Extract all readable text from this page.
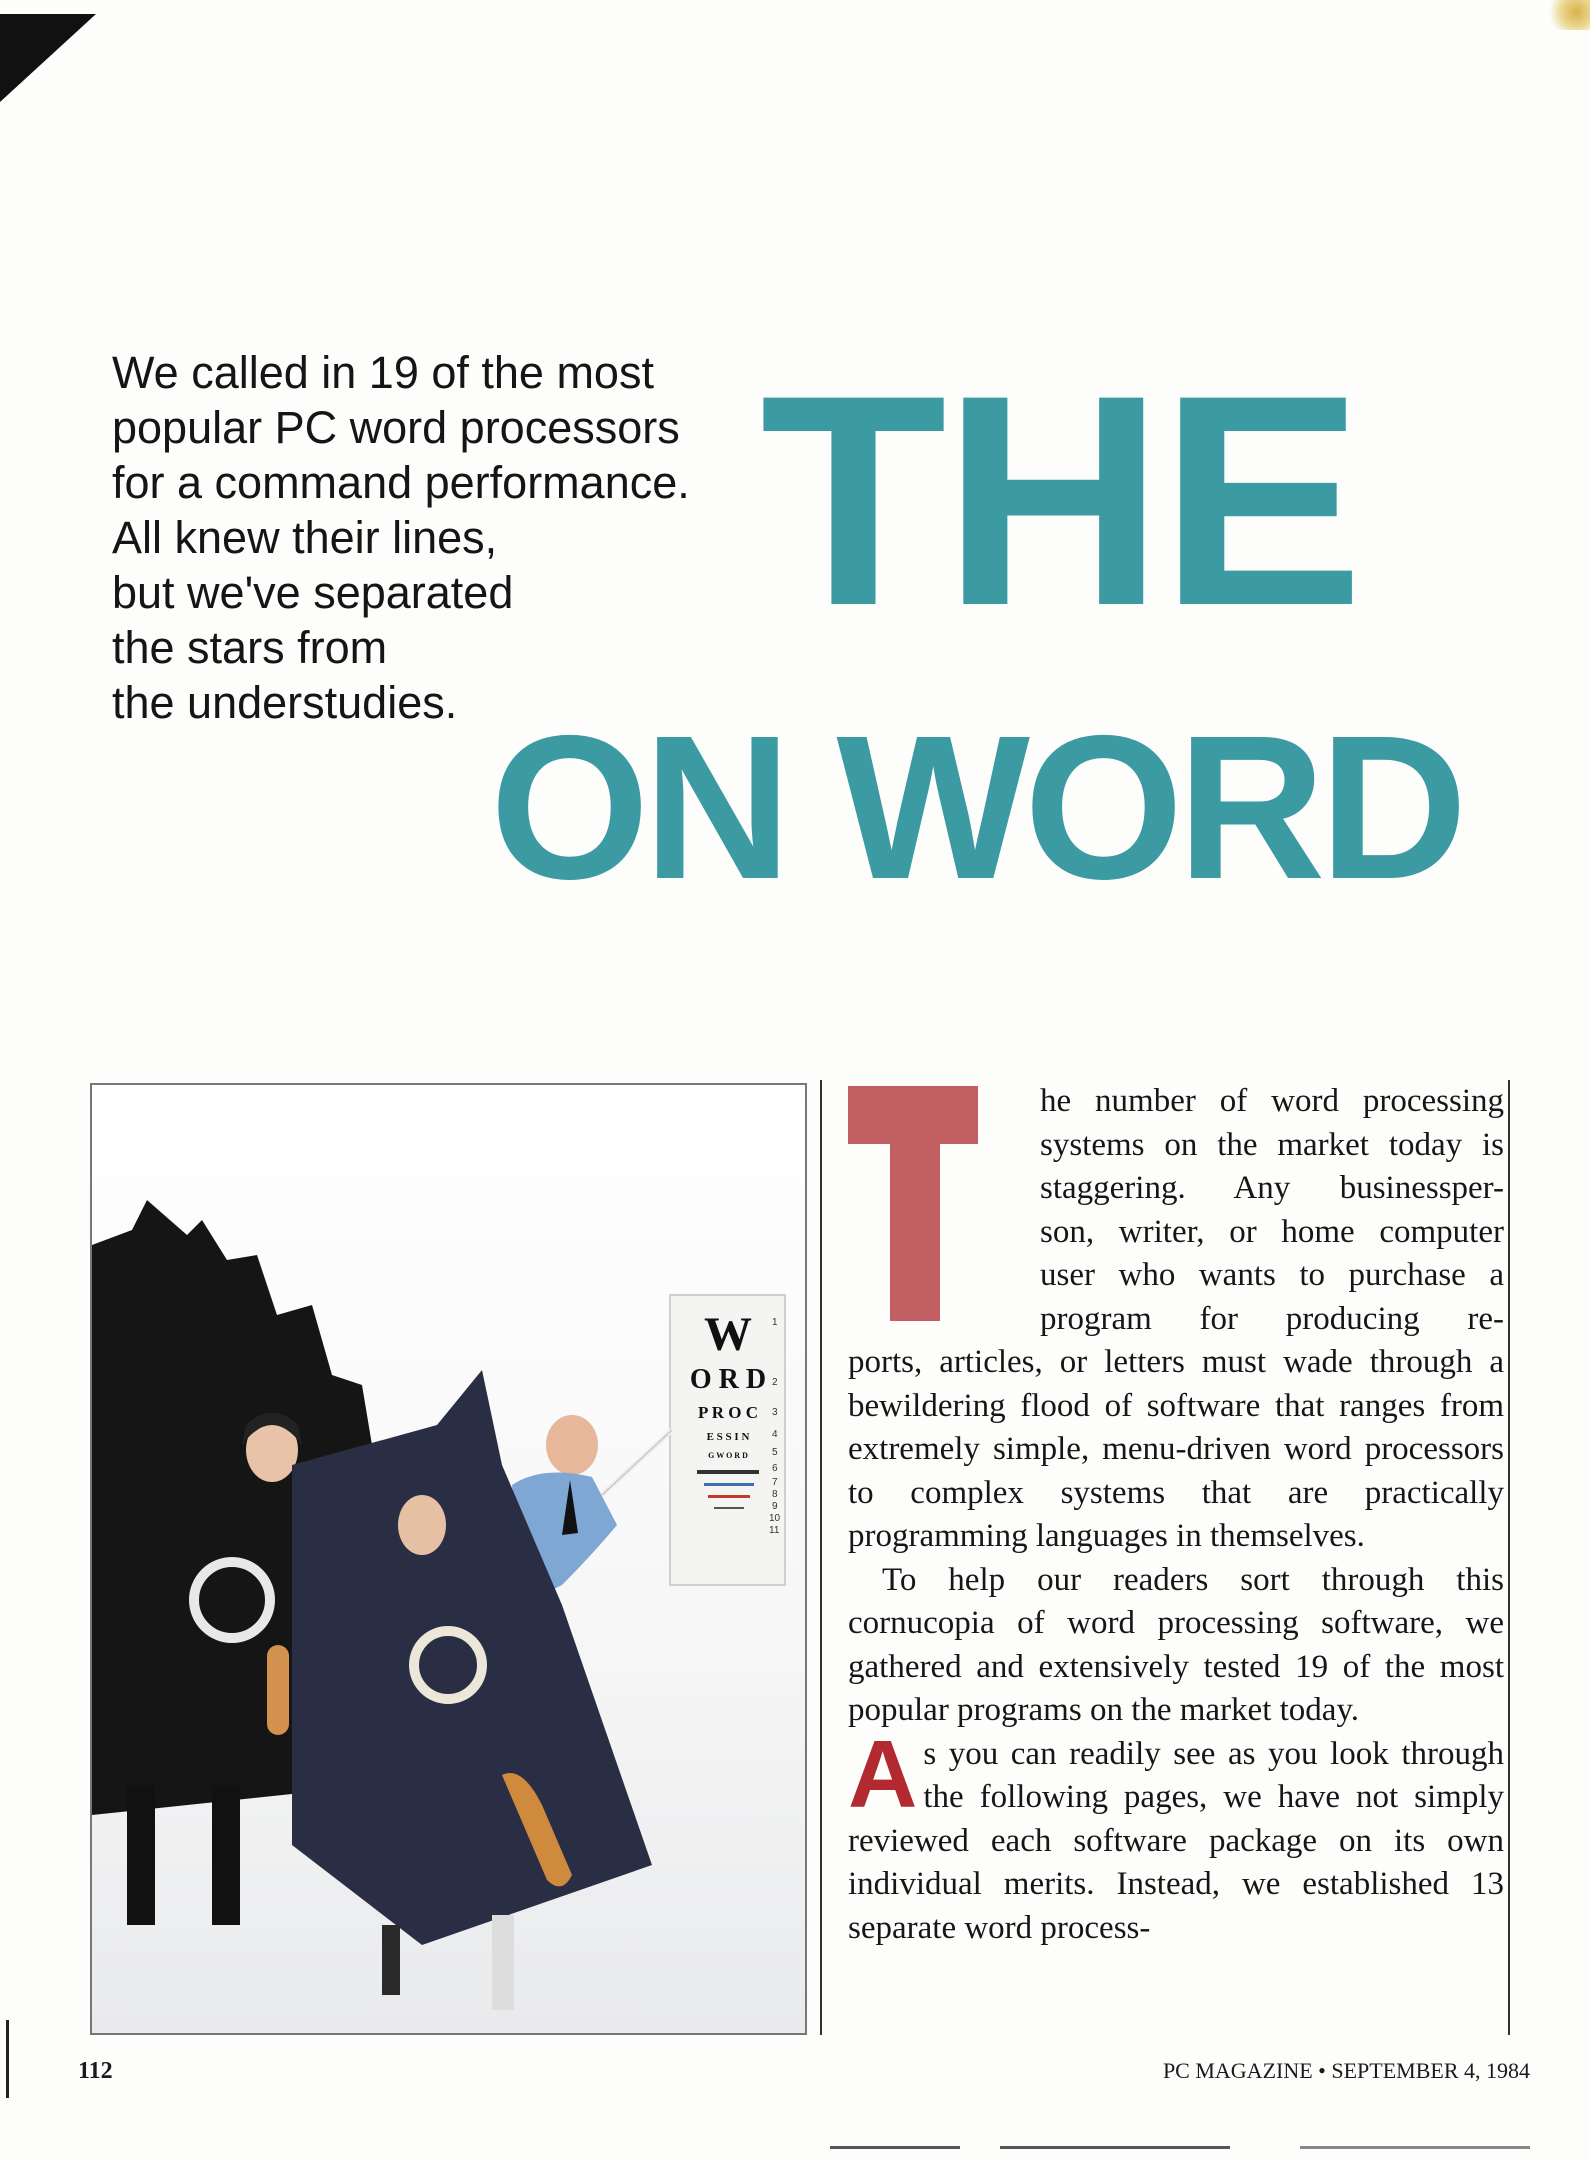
We called in 19 of the most
popular PC word processors
for a command performance.
All knew their lines,
but we've separated
the stars from
the understudies.
THE
ON WORD
W
O R D
P R O C
E S S I N
G W O R D
1
2
3
4
5
6
7
8
9
10
11
T

he number of word processing
systems on the market today is
staggering. Any businessper-
son, writer, or home computer
user who wants to purchase a
program for producing re-
ports, articles, or letters must wade through a bewildering flood of software that ranges from extremely simple, menu-driven word processors to complex systems that are practically programming languages in themselves.

To help our readers sort through this cornucopia of word processing software, we gathered and extensively tested 19 of the most popular programs on the market today.

As you can readily see as you look through the following pages, we have not simply reviewed each software package on its own individual merits. Instead, we established 13 separate word process-

112	PC MAGAZINE • SEPTEMBER 4, 1984
